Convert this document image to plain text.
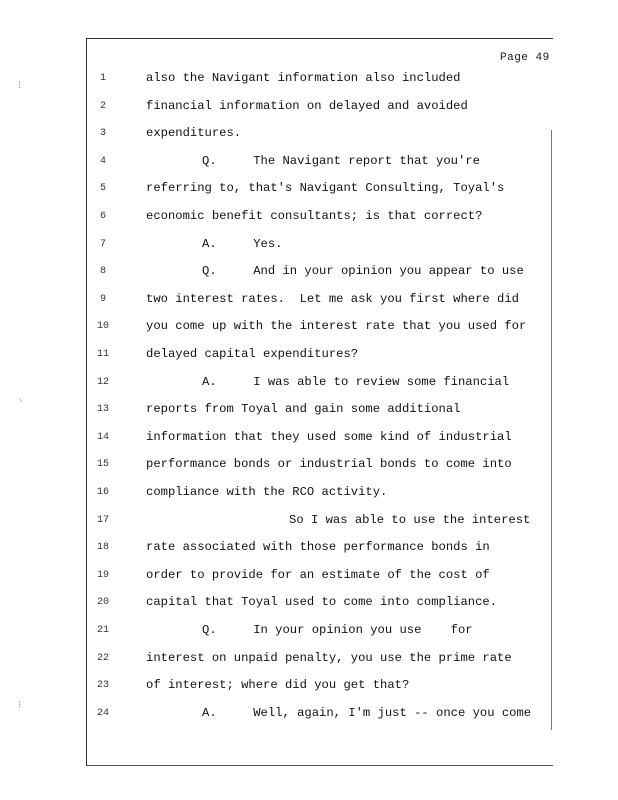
Page 49
⁝
⸜
⁝
1	also the Navigant information also included
2	financial information on delayed and avoided
3	expenditures.
4	Q.     The Navigant report that you're
5	referring to, that's Navigant Consulting, Toyal's
6	economic benefit consultants; is that correct?
7	A.     Yes.
8	Q.     And in your opinion you appear to use
9	two interest rates.  Let me ask you first where did
10	you come up with the interest rate that you used for
11	delayed capital expenditures?
12	A.     I was able to review some financial
13	reports from Toyal and gain some additional
14	information that they used some kind of industrial
15	performance bonds or industrial bonds to come into
16	compliance with the RCO activity.
17	So I was able to use the interest
18	rate associated with those performance bonds in
19	order to provide for an estimate of the cost of
20	capital that Toyal used to come into compliance.
21	Q.     In your opinion you use    for
22	interest on unpaid penalty, you use the prime rate
23	of interest; where did you get that?
24	A.     Well, again, I'm just -- once you come
